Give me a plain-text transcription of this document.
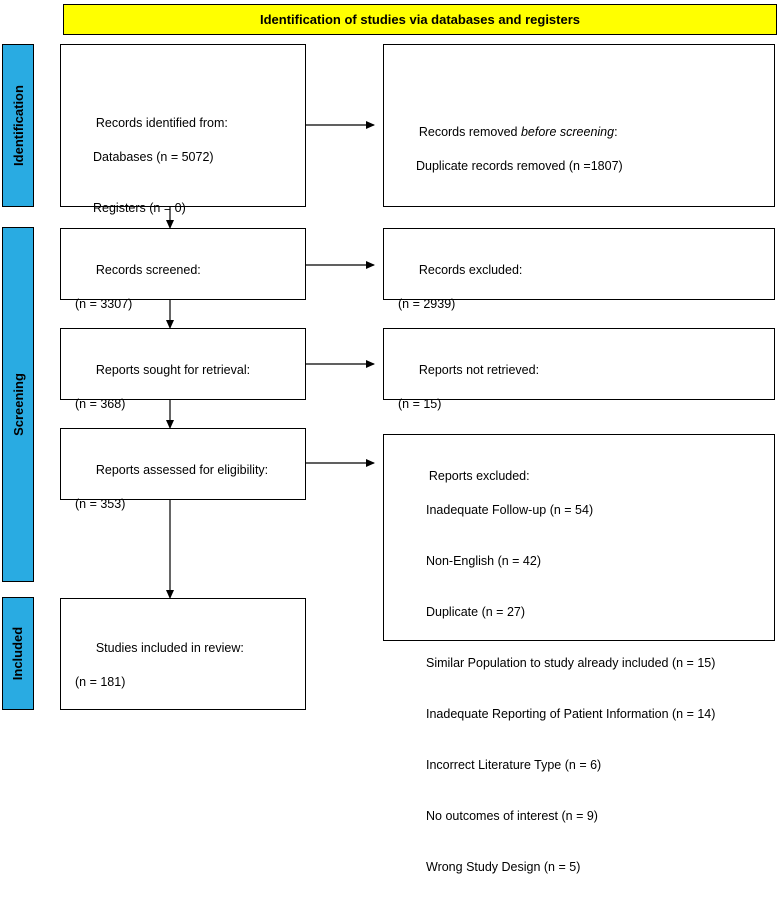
Identification of studies via databases and registers
Identification
Screening
Included

Records identified from:

Databases (n = 5072)

Registers (n = 0)

Records removed before screening:

Duplicate records removed (n =1807)

Records screened:

(n = 3307)

Records excluded:

(n = 2939)

Reports sought for retrieval:

(n = 368)

Reports not retrieved:

(n = 15)

Reports assessed for eligibility:

(n = 353)

Reports excluded:

Inadequate Follow-up (n = 54)

Non-English (n = 42)

Duplicate (n = 27)

Similar Population to study already included (n = 15)

Inadequate Reporting of Patient Information (n = 14)

Incorrect Literature Type (n = 6)

No outcomes of interest (n = 9)

Wrong Study Design (n = 5)

Studies included in review:

(n = 181)
